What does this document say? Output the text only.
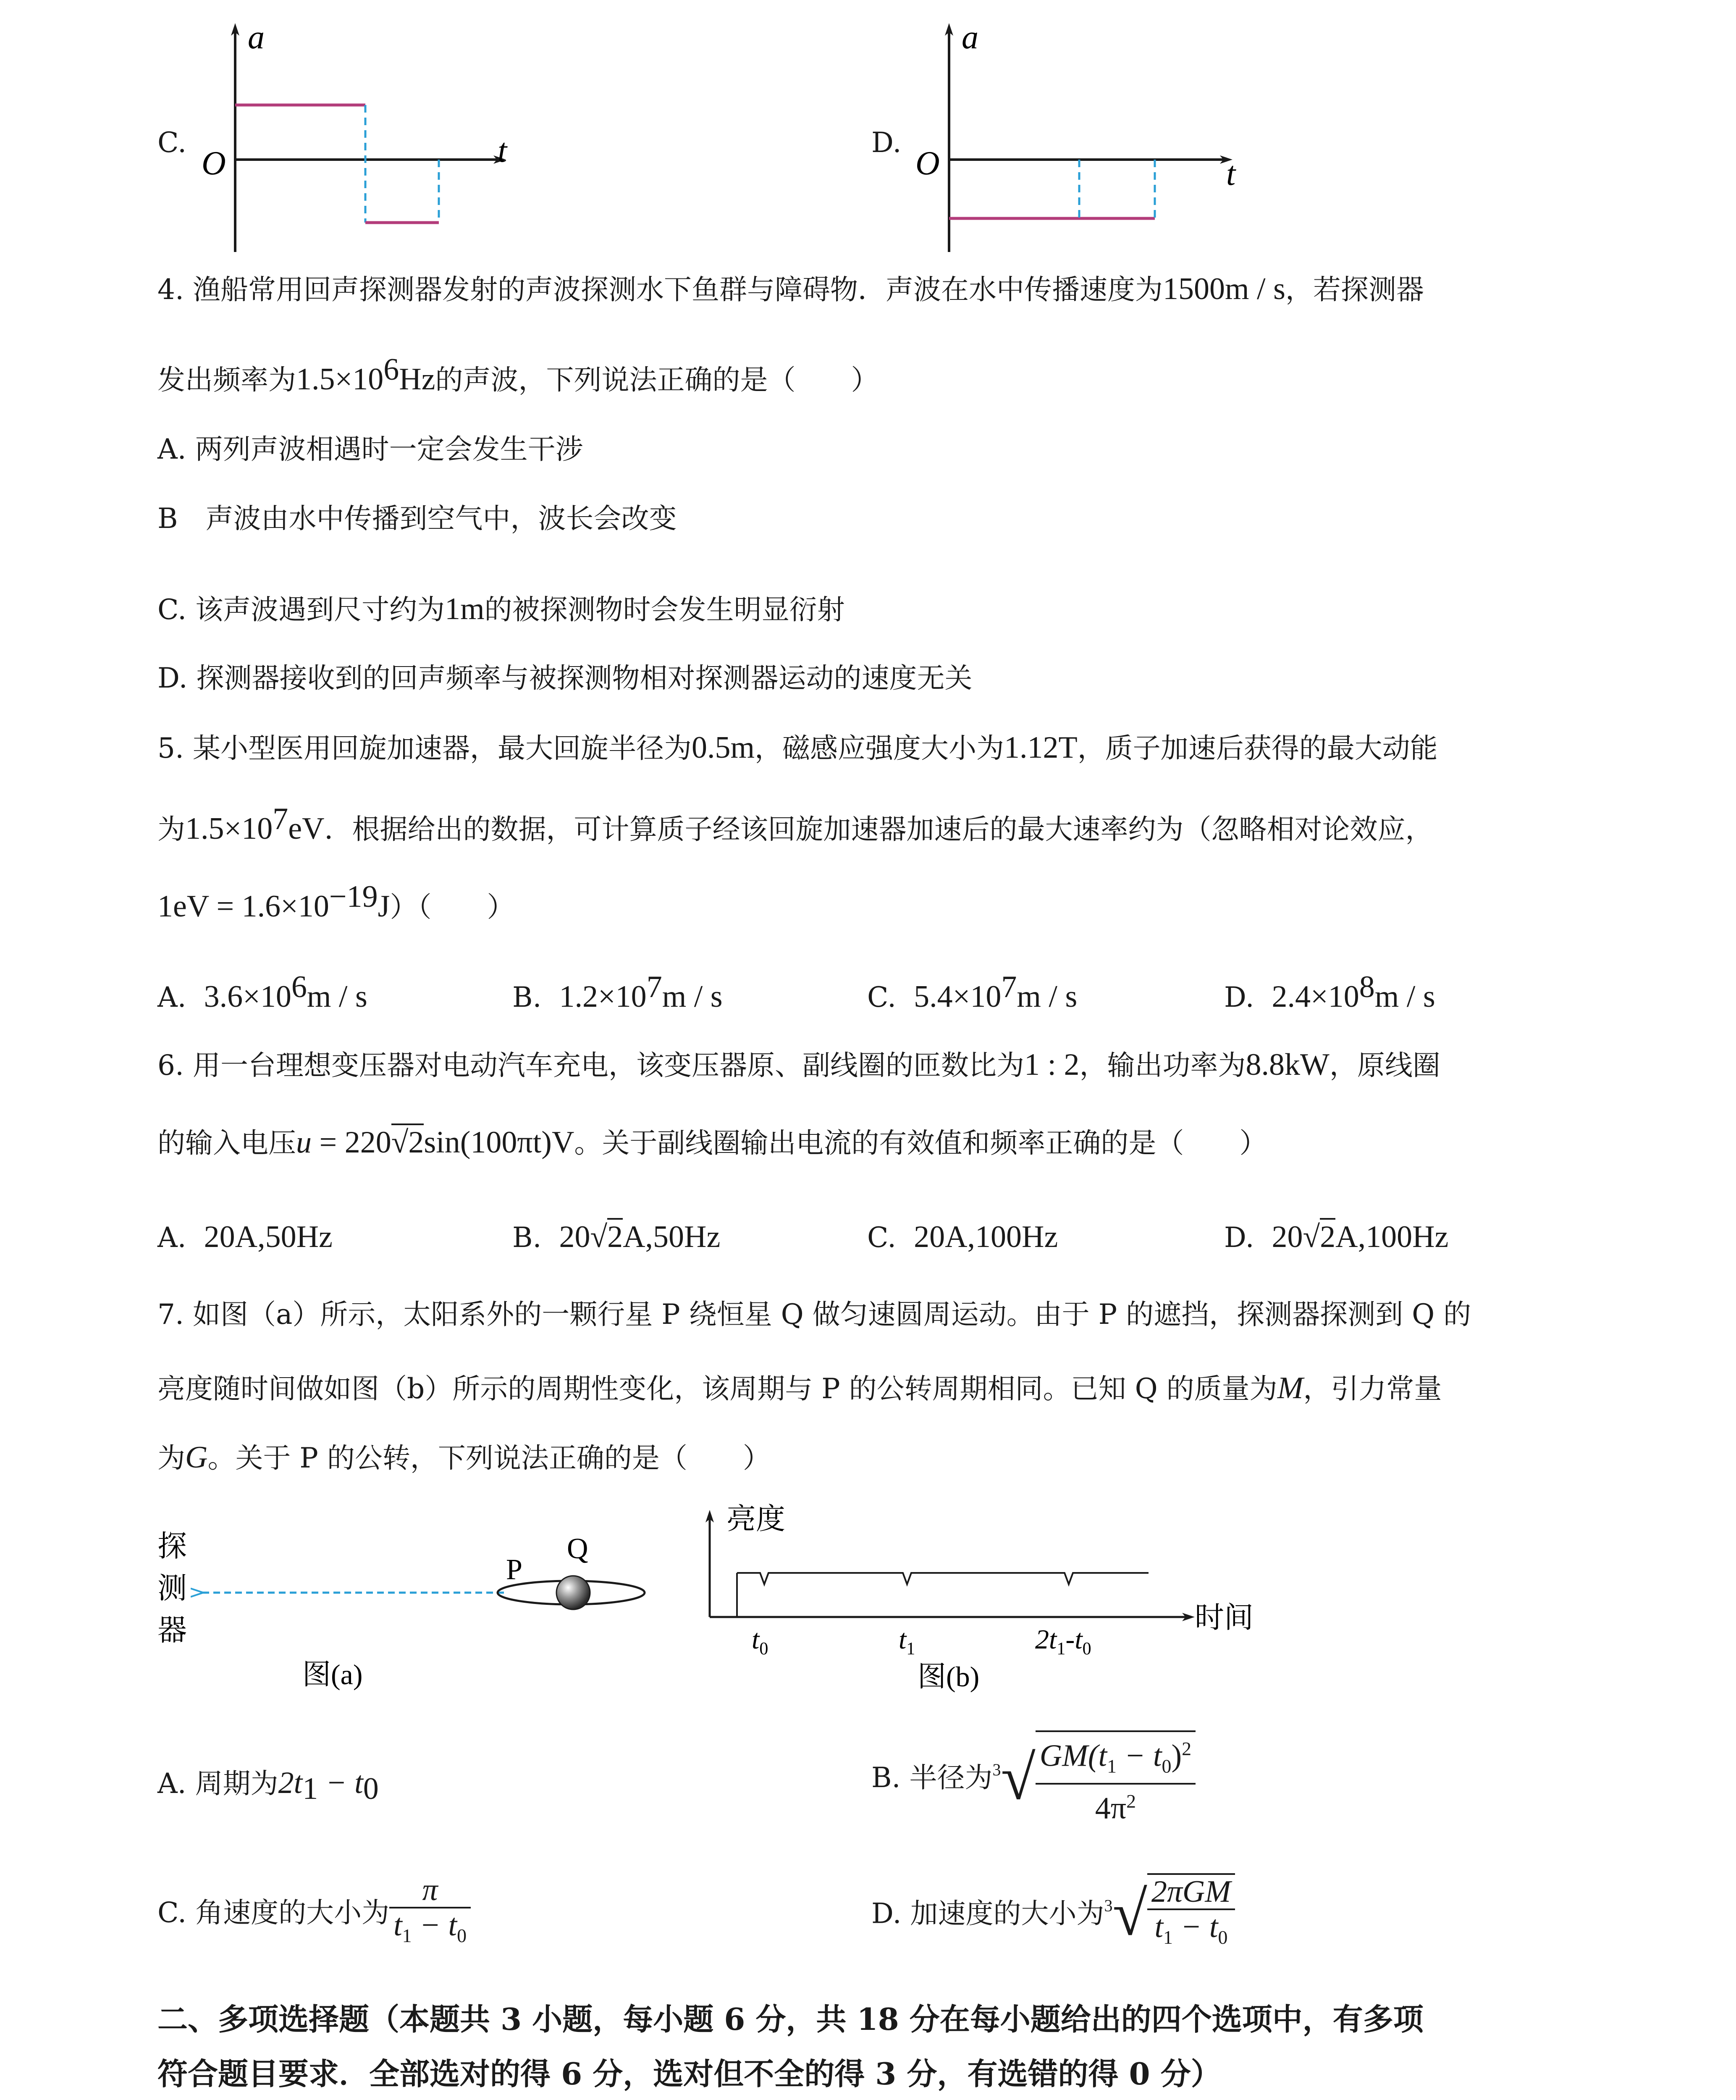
C.
a
t
O
D.
a
t
O
4. 渔船常用回声探测器发射的声波探测水下鱼群与障碍物．声波在水中传播速度为1500m / s，若探测器
发出频率为$1.5\times 10^6Hz$的声波，下列说法正确的是（　　）
A. 两列声波相遇时一定会发生干涉
B　声波由水中传播到空气中，波长会改变
C. 该声波遇到尺寸约为1m的被探测物时会发生明显衍射
D. 探测器接收到的回声频率与被探测物相对探测器运动的速度无关
5. 某小型医用回旋加速器，最大回旋半径为0.5m，磁感应强度大小为1.12T，质子加速后获得的最大动能
为$1.5\times 10^7eV$．根据给出的数据，可计算质子经该回旋加速器加速后的最大速率约为（忽略相对论效应，
$1eV = 1.6\times 10^{-19}J$）（　　）
A. $3.6\times 10^6m / s$	B. $1.2\times 10^7m / s$	C. $5.4\times 10^7m / s$	D. $2.4\times 10^8m / s$
6. 用一台理想变压器对电动汽车充电，该变压器原、副线圈的匝数比为1 : 2，输出功率为8.8kW，原线圈
的输入电压u = 220√2sin(100πt)V。关于副线圈输出电流的有效值和频率正确的是（　　）
A. 20A,50Hz	B. 20√2A,50Hz	C. 20A,100Hz	D. 20√2A,100Hz
7. 如图（a）所示，太阳系外的一颗行星 P 绕恒星 Q 做匀速圆周运动。由于 P 的遮挡，探测器探测到 Q 的
亮度随时间做如图（b）所示的周期性变化，该周期与 P 的公转周期相同。已知 Q 的质量为M，引力常量
为G。关于 P 的公转，下列说法正确的是（　　）
P
Q
探
测
器
图(a)
亮度
时间
$t_0$	$t_1$	$2t_1-t_0$
图(b)
A. 周期为$2t_1 - t_0$	B. 半径为$^3√ \frac{GM(t_1 - t_0)^2}{4\pi^2}$
C. 角速度的大小为 $\frac{\pi}{t_1 - t_0}$	D. 加速度的大小为$^3√ \frac{\text{2πGM}}{t_1 - t_0}$
二、多项选择题（本题共 3 小题，每小题 6 分，共 18 分在每小题给出的四个选项中，有多项
符合题目要求．全部选对的得 6 分，选对但不全的得 3 分，有选错的得 0 分）
